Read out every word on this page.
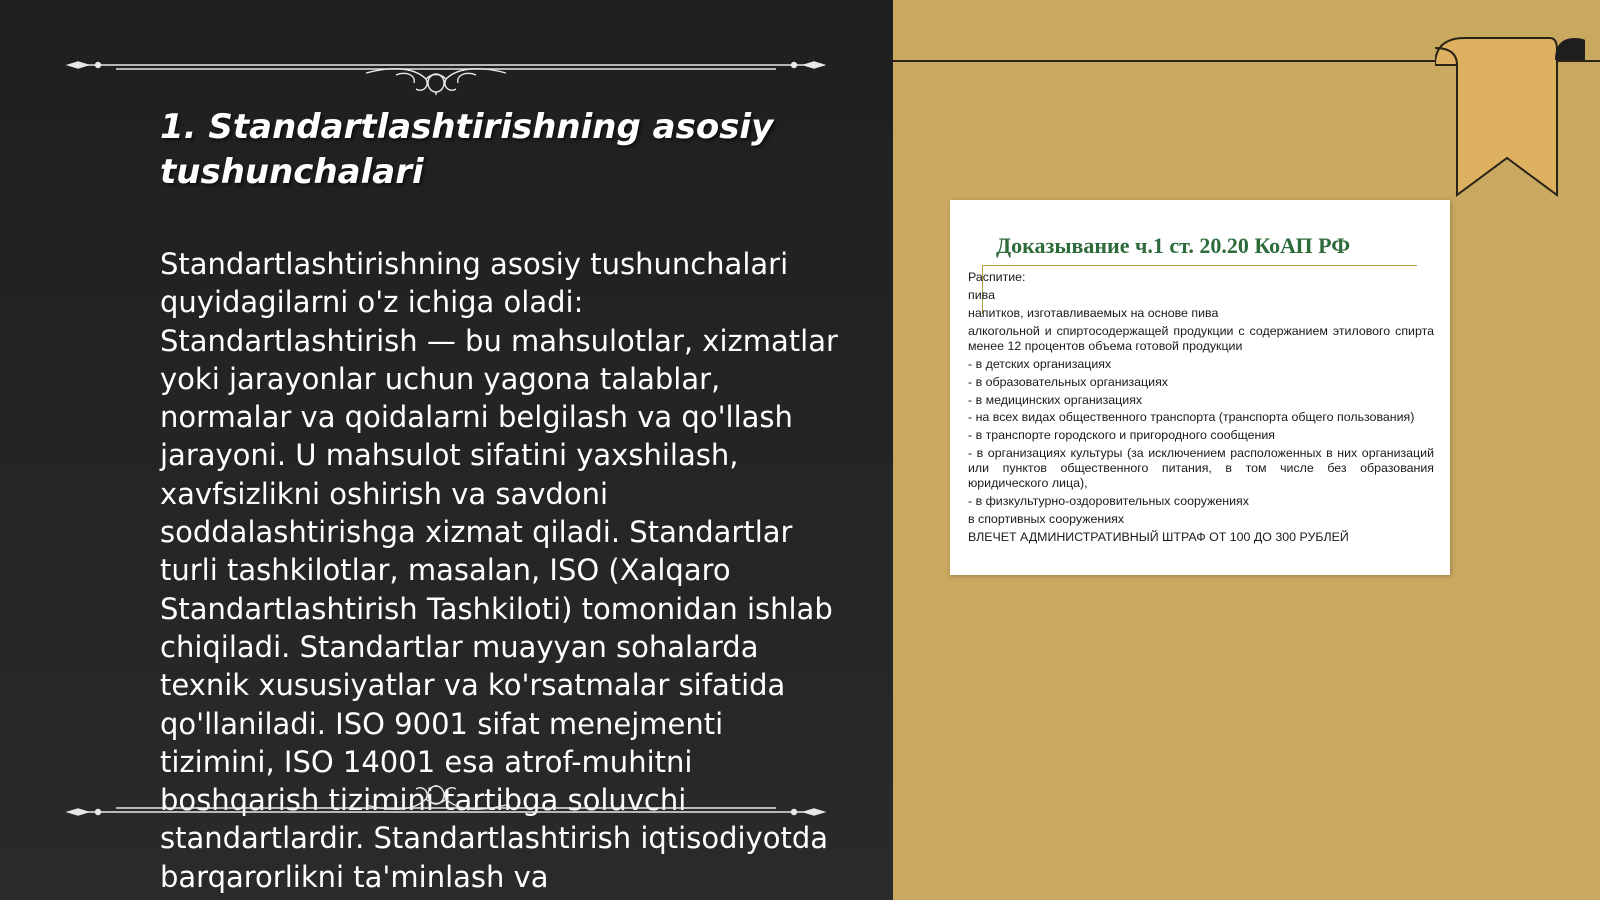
1. Standartlashtirishning asosiy tushunchalari
Standartlashtirishning asosiy tushunchalari quyidagilarni o'z ichiga oladi: Standartlashtirish — bu mahsulotlar, xizmatlar yoki jarayonlar uchun yagona talablar, normalar va qoidalarni belgilash va qo'llash jarayoni. U mahsulot sifatini yaxshilash, xavfsizlikni oshirish va savdoni soddalashtirishga xizmat qiladi. Standartlar turli tashkilotlar, masalan, ISO (Xalqaro Standartlashtirish Tashkiloti) tomonidan ishlab chiqiladi. Standartlar muayyan sohalarda texnik xususiyatlar va ko'rsatmalar sifatida qo'llaniladi. ISO 9001 sifat menejmenti tizimini, ISO 14001 esa atrof-muhitni boshqarish tizimini tartibga soluvchi standartlardir. Standartlashtirish iqtisodiyotda barqarorlikni ta'minlash va
Доказывание ч.1 ст. 20.20 КоАП РФ
Распитие:
пива
напитков, изготавливаемых на основе пива
алкогольной и спиртосодержащей продукции с содержанием этилового спирта менее 12 процентов объема готовой продукции
- в детских организациях
- в образовательных организациях
- в медицинских организациях
- на всех видах общественного транспорта (транспорта общего пользования)
- в транспорте городского и пригородного сообщения
- в организациях культуры (за исключением расположенных в них организаций или пунктов общественного питания, в том числе без образования юридического лица),
- в физкультурно-оздоровительных сооружениях
в спортивных сооружениях
ВЛЕЧЕТ АДМИНИСТРАТИВНЫЙ ШТРАФ ОТ 100 ДО 300 РУБЛЕЙ
